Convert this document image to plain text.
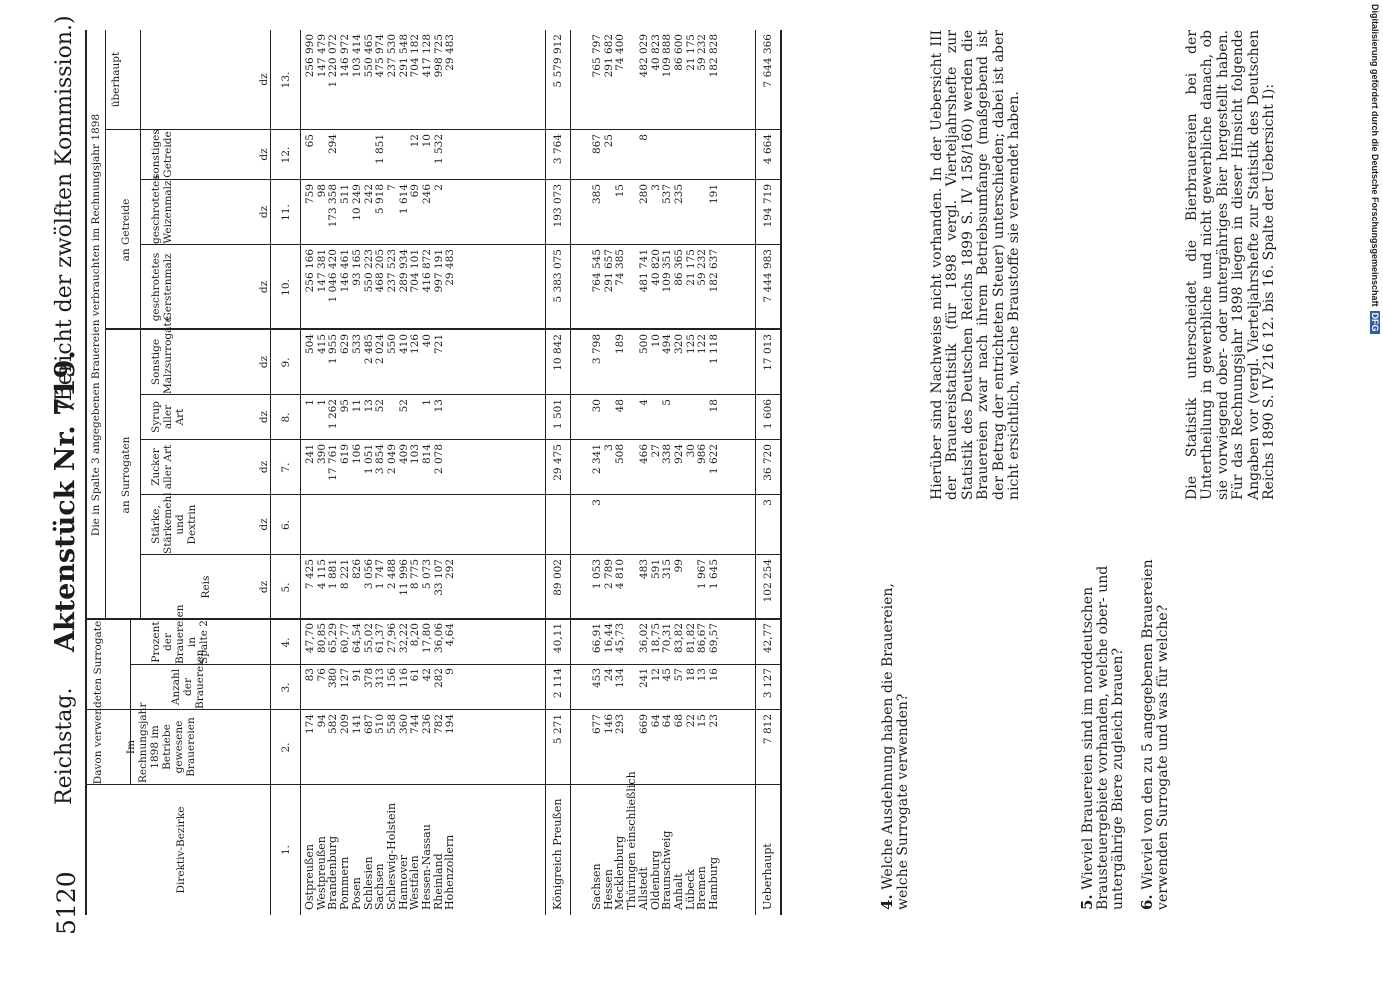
5120
Reichstag.
Aktenstück Nr. 719.
(Bericht der zwölften Kommission.)
Direktiv-Bezirke
Im Rechnungsjahr 1898 im Betriebe gewesene Brauereien
Davon verwendeten Surrogate	Anzahl der Brauereien
Prozent der Brauereien in Spalte 2
Die in Spalte 3 angegebenen Brauereien verbrauchten im Rechnungsjahr 1898 an Surrogaten
an Getreide
Reis
Stärke, Stärkemehl und Dextrin
Zucker aller Art
Syrup aller Art
Sonstige Malzsurrogate
geschrotetes Gerstenmalz
geschrotetes Weizenmalz
sonstiges Getreide
überhaupt
dz
dz
dz
dz
dz
dz
dz
dz
dz
1.
2.
3.
4.
5.
6.
7.
8.
9.
10.
11.
12.
13.
Ostpreußen
174
83
47,70
7 425
241
1
504
256 166
759
65
256 990
Westpreußen
94
76
80,85
4 115
390
1
415
147 381
98
147 479
Brandenburg
582
380
65,29
1 881
17 761
1 262
1 955
1 046 420
173 358
294
1 220 072
Pommern
209
127
60,77
8 221
619
95
629
146 461
511
146 972
Posen
141
91
64,54
826
106
11
533
93 165
10 249
103 414
Schlesien
687
378
55,02
3 056
1 051
13
2 485
550 223
242
550 465
Sachsen
510
313
61,37
1 747
3 854
52
2 024
468 205
5 918
1 851
475 974
Schleswig-Holstein
558
156
27,96
2 488
2 049
550
237 523
7
237 530
Hannover
360
116
32,22
11 996
409
52
410
289 934
1 614
291 548
Westfalen
744
61
8,20
8 775
103
126
704 101
69
12
704 182
Hessen-Nassau
236
42
17,80
5 073
814
1
40
416 872
246
10
417 128
Rheinland
782
282
36,06
33 107
2 078
13
721
997 191
2
1 532
998 725
Hohenzollern
194
9
4,64
292
29 483
29 483
Königreich Preußen
5 271
2 114
40,11
89 002
29 475
1 501
10 842
5 383 075
193 073
3 764
5 579 912
Sachsen
677
453
66,91
1 053
3
2 341
30
3 798
764 545
385
867
765 797
Hessen
146
24
16,44
2 789
3
291 657
25
291 682
Mecklenburg
293
134
45,73
4 810
508
48
189
74 385
15
74 400
Thüringen einschließlich
Allstedt
669
241
36,02
483
466
4
500
481 741
280
8
482 029
Oldenburg
64
12
18,75
591
27
10
40 820
3
40 823
Braunschweig
64
45
70,31
315
338
5
494
109 351
537
109 888
Anhalt
68
57
83,82
99
924
320
86 365
235
86 600
Lübeck
22
18
81,82
30
125
21 175
21 175
Bremen
15
13
86,67
1 967
986
122
59 232
59 232
Hamburg
23
16
69,57
1 645
1 622
18
1 118
182 637
191
182 828
Ueberhaupt
7 812
3 127
42,77
102 254
3
36 720
1 606
17 013
7 444 983
194 719
4 664
7 644 366
4. Welche Ausdehnung haben die Brauereien, welche Surrogate verwenden?
Hierüber sind Nachweise nicht vorhanden. In der Uebersicht III der Brauereistatistik (für 1898 vergl. Vierteljahrshefte zur Statistik des Deutschen Reichs 1899 S. IV 158/160) werden die Brauereien zwar nach ihrem Betriebsumfange (maßgebend ist der Betrag der entrichteten Steuer) unterschieden; dabei ist aber nicht ersichtlich, welche Braustoffe sie verwendet haben.
5. Wieviel Brauereien sind im norddeutschen Brausteuergebiete vorhanden, welche ober- und untergährige Biere zugleich brauen? 6. Wieviel von den zu 5 angegebenen Brauereien verwenden Surrogate und was für welche?
Die Statistik unterscheidet die Bierbrauereien bei der Untertheilung in gewerbliche und nicht gewerbliche danach, ob sie vorwiegend ober- oder untergähriges Bier hergestellt haben. Für das Rechnungsjahr 1898 liegen in dieser Hinsicht folgende Angaben vor (vergl. Vierteljahrshefte zur Statistik des Deutschen Reichs 1890 S. IV 216 12. bis 16. Spalte der Uebersicht I):	Digitalisierung gefördert durch die Deutsche ForschungsgemeinschaftDFG
